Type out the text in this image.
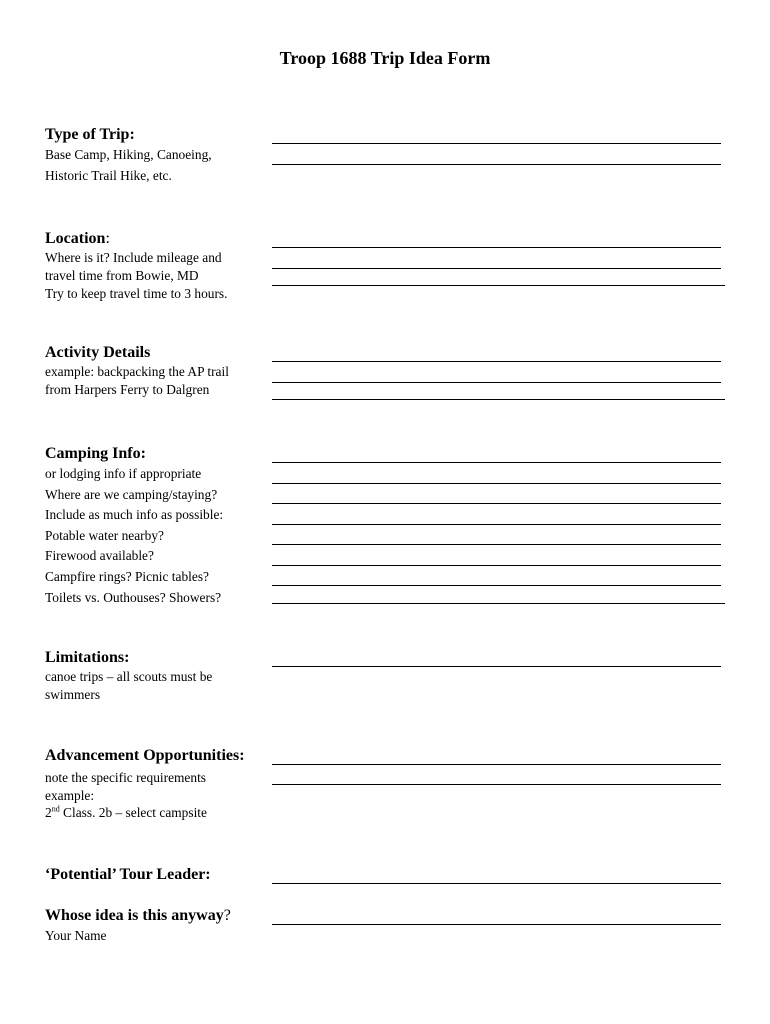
Troop 1688 Trip Idea Form
Type of Trip:
Base Camp, Hiking, Canoeing,
Historic Trail Hike, etc.
Location:
Where is it? Include mileage and
travel time from Bowie, MD
Try to keep travel time to 3 hours.
Activity Details
example: backpacking the AP trail
from Harpers Ferry to Dalgren
Camping Info:
or lodging info if appropriate
Where are we camping/staying?
Include as much info as possible:
Potable water nearby?
Firewood available?
Campfire rings? Picnic tables?
Toilets vs. Outhouses? Showers?
Limitations:
canoe trips – all scouts must be
swimmers
Advancement Opportunities:
note the specific requirements
example:
2nd Class. 2b – select campsite
‘Potential’ Tour Leader:
Whose idea is this anyway?
Your Name
